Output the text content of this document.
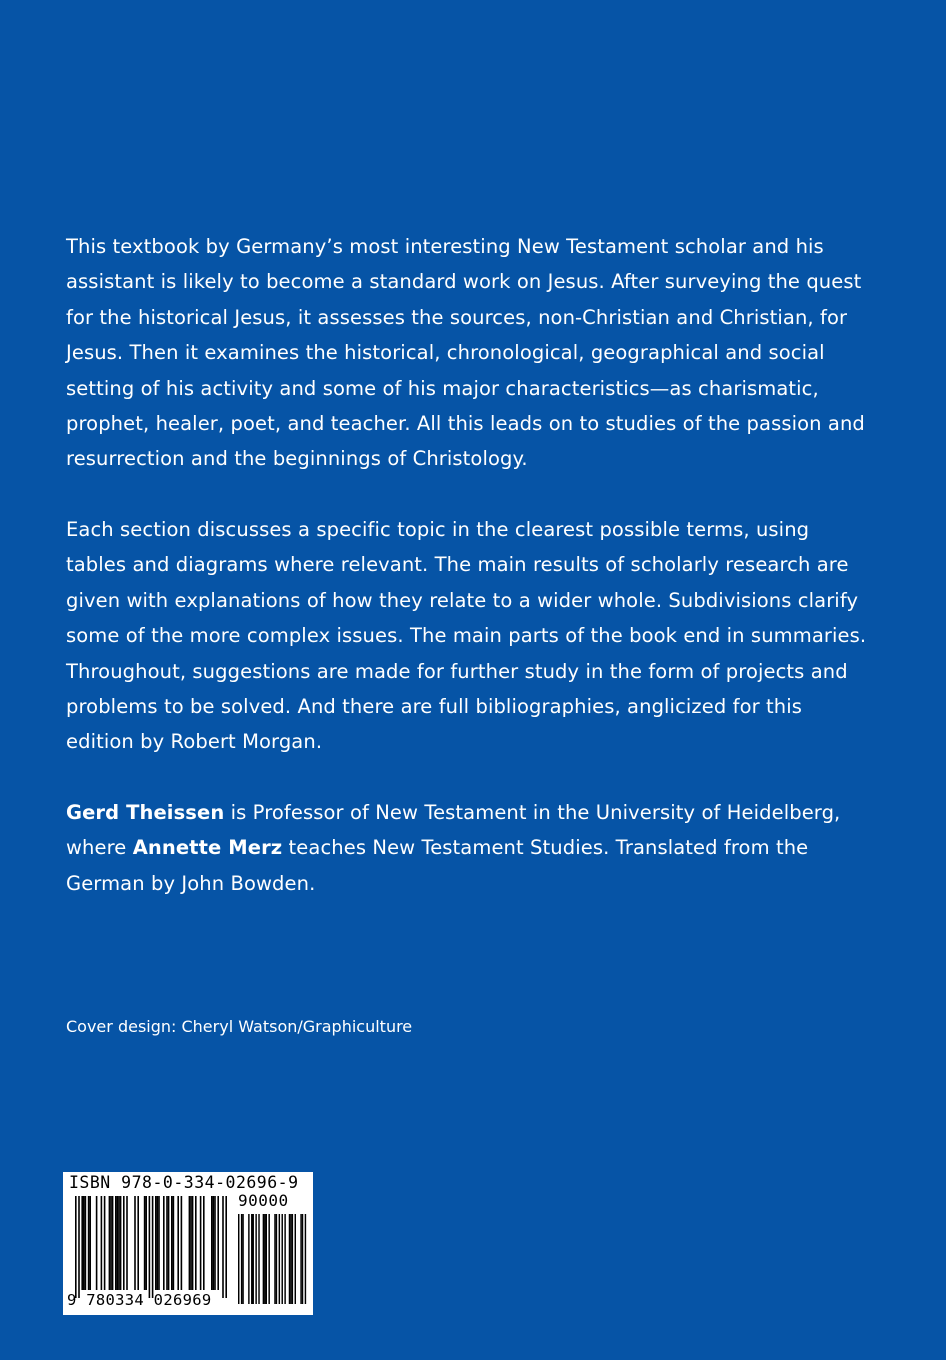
This textbook by Germany’s most interesting New Testament scholar and his assistant is likely to become a standard work on Jesus. After surveying the quest for the historical Jesus, it assesses the sources, non-Christian and Christian, for Jesus. Then it examines the historical, chronological, geographical and social setting of his activity and some of his major characteristics—as charismatic, prophet, healer, poet, and teacher. All this leads on to studies of the passion and resurrection and the beginnings of Christology.

Each section discusses a specific topic in the clearest possible terms, using tables and diagrams where relevant. The main results of scholarly research are given with explanations of how they relate to a wider whole. Subdivisions clarify some of the more complex issues. The main parts of the book end in summaries. Throughout, suggestions are made for further study in the form of projects and problems to be solved. And there are full bibliographies, anglicized for this edition by Robert Morgan.

Gerd Theissen is Professor of New Testament in the University of Heidelberg, where Annette Merz teaches New Testament Studies. Translated from the German by John Bowden.

Cover design: Cheryl Watson/Graphiculture
ISBN 978-0-334-02696-9
90000
9 780334 026969
